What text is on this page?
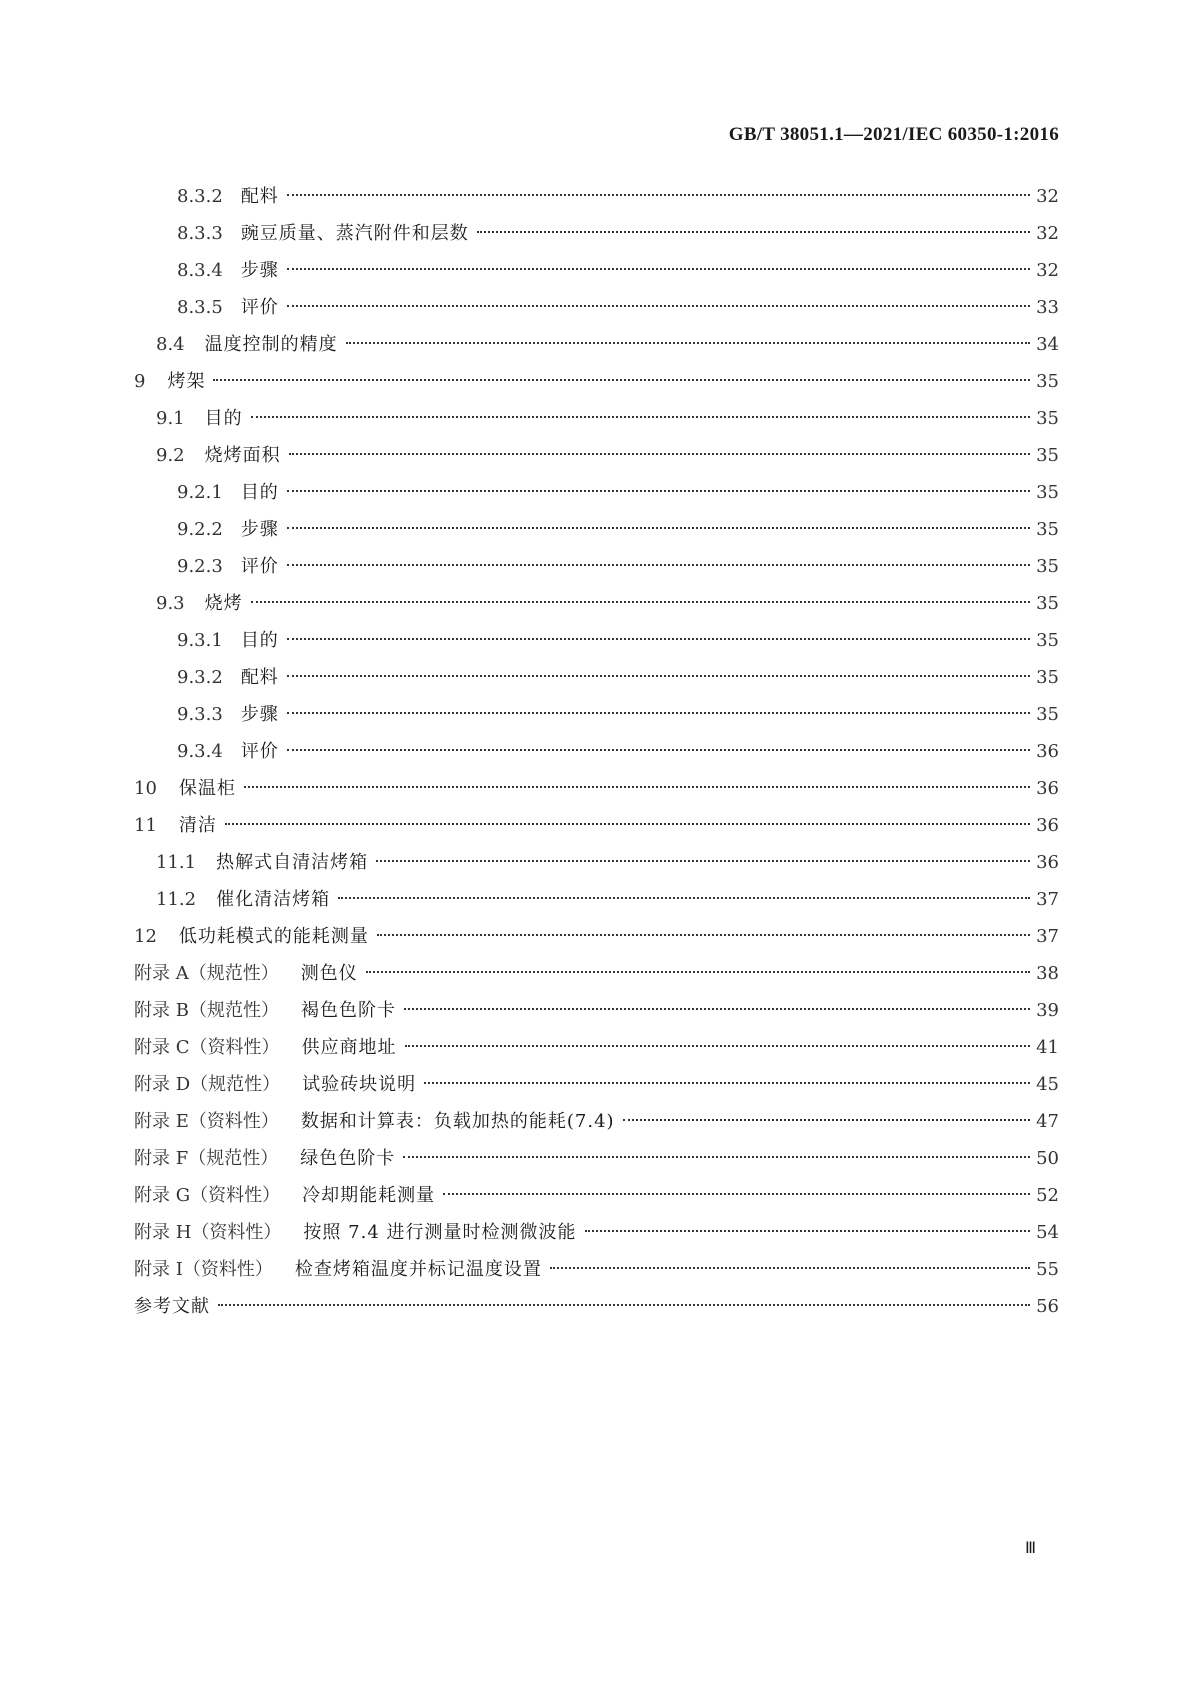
GB/T 38051.1—2021/IEC 60350-1:2016
8.3.2 配料	32
8.3.3 豌豆质量、蒸汽附件和层数	32
8.3.4 步骤	32
8.3.5 评价	33
8.4 温度控制的精度	34
9 烤架	35
9.1 目的	35
9.2 烧烤面积	35
9.2.1 目的	35
9.2.2 步骤	35
9.2.3 评价	35
9.3 烧烤	35
9.3.1 目的	35
9.3.2 配料	35
9.3.3 步骤	35
9.3.4 评价	36
10 保温柜	36
11 清洁	36
11.1 热解式自清洁烤箱	36
11.2 催化清洁烤箱	37
12 低功耗模式的能耗测量	37
附录 A（规范性） 测色仪	38
附录 B（规范性） 褐色色阶卡	39
附录 C（资料性） 供应商地址	41
附录 D（规范性） 试验砖块说明	45
附录 E（资料性） 数据和计算表：负载加热的能耗(7.4)	47
附录 F（规范性） 绿色色阶卡	50
附录 G（资料性） 冷却期能耗测量	52
附录 H（资料性） 按照 7.4 进行测量时检测微波能	54
附录 I（资料性） 检查烤箱温度并标记温度设置	55
参考文献	56
Ⅲ
